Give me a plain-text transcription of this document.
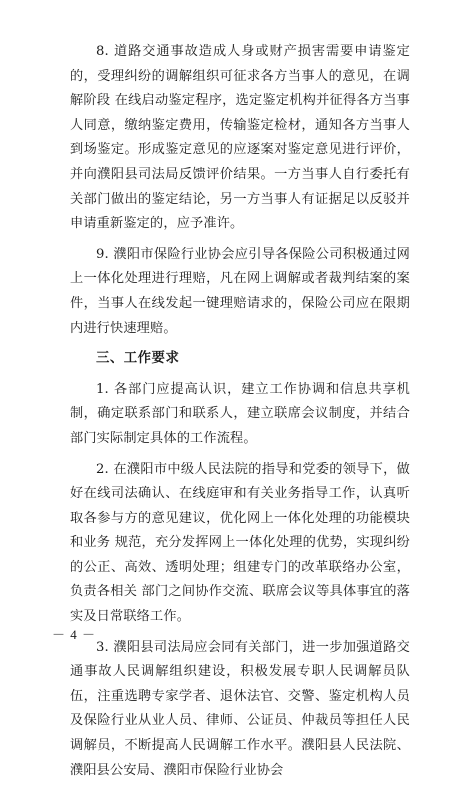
8. 道路交通事故造成人身或财产损害需要申请鉴定的，受理纠纷的调解组织可征求各方当事人的意见，在调解阶段 在线启动鉴定程序，选定鉴定机构并征得各方当事人同意，缴纳鉴定费用，传输鉴定检材，通知各方当事人到场鉴定。形成鉴定意见的应逐案对鉴定意见进行评价，并向濮阳县司法局反馈评价结果。一方当事人自行委托有关部门做出的鉴定结论，另一方当事人有证据足以反驳并申请重新鉴定的，应予准许。

9. 濮阳市保险行业协会应引导各保险公司积极通过网 上一体化处理进行理赔，凡在网上调解或者裁判结案的案件，当事人在线发起一键理赔请求的，保险公司应在限期内进行快速理赔。

三、工作要求

1. 各部门应提高认识，建立工作协调和信息共享机制，确定联系部门和联系人，建立联席会议制度，并结合部门实际制定具体的工作流程。

2. 在濮阳市中级人民法院的指导和党委的领导下，做好在线司法确认、在线庭审和有关业务指导工作，认真听取各参与方的意见建议，优化网上一体化处理的功能模块和业务 规范，充分发挥网上一体化处理的优势，实现纠纷的公正、高效、透明处理；组建专门的改革联络办公室，负责各相关 部门之间协作交流、联席会议等具体事宜的落实及日常联络工作。

3. 濮阳县司法局应会同有关部门，进一步加强道路交通事故人民调解组织建设，积极发展专职人民调解员队伍，注重选聘专家学者、退休法官、交警、鉴定机构人员及保险行业从业人员、律师、公证员、仲裁员等担任人民调解员，不断提高人民调解工作水平。濮阳县人民法院、濮阳县公安局、濮阳市保险行业协会

－ 4 －
